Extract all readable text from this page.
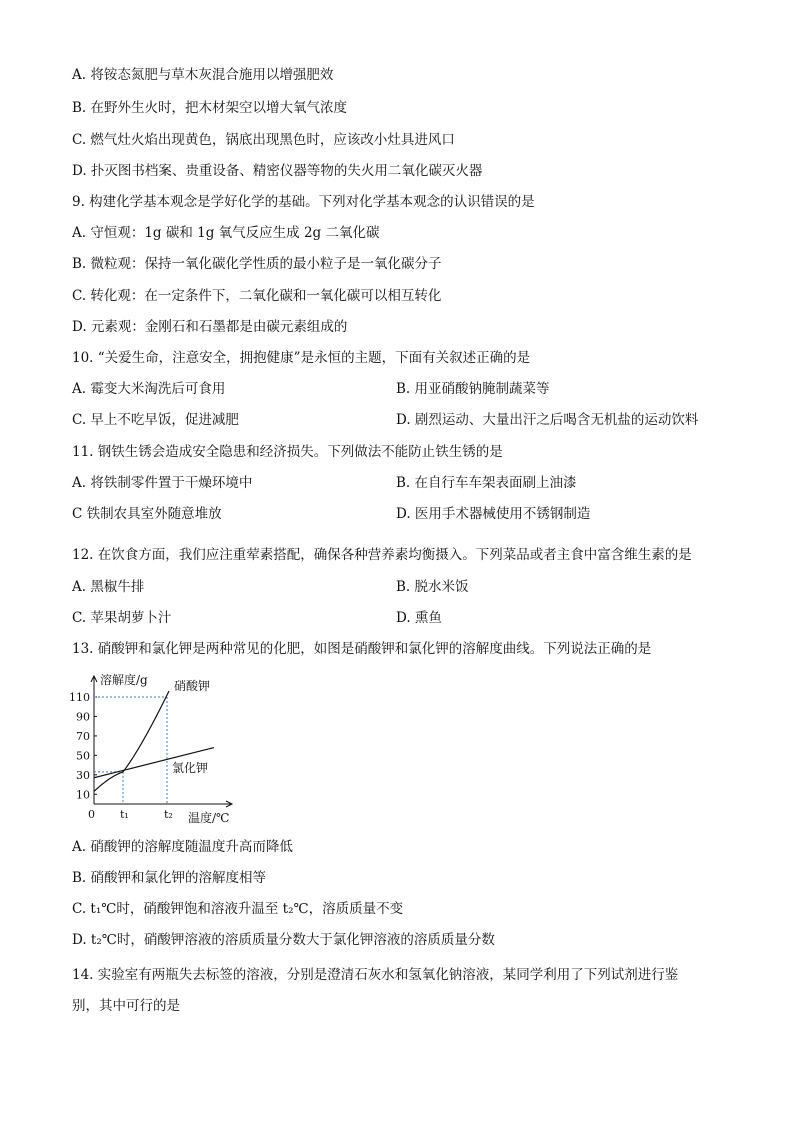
A. 将铵态氮肥与草木灰混合施用以增强肥效
B. 在野外生火时，把木材架空以增大氧气浓度
C. 燃气灶火焰出现黄色，锅底出现黑色时，应该改小灶具进风口
D. 扑灭图书档案、贵重设备、精密仪器等物的失火用二氧化碳灭火器
9. 构建化学基本观念是学好化学的基础。下列对化学基本观念的认识错误的是
A. 守恒观：1g 碳和 1g 氧气反应生成 2g 二氧化碳
B. 微粒观：保持一氧化碳化学性质的最小粒子是一氧化碳分子
C. 转化观：在一定条件下，二氧化碳和一氧化碳可以相互转化
D. 元素观：金刚石和石墨都是由碳元素组成的
10. “关爱生命，注意安全，拥抱健康”是永恒的主题，下面有关叙述正确的是
A. 霉变大米淘洗后可食用	B. 用亚硝酸钠腌制蔬菜等
C. 早上不吃早饭，促进减肥	D. 剧烈运动、大量出汗之后喝含无机盐的运动饮料
11. 钢铁生锈会造成安全隐患和经济损失。下列做法不能防止铁生锈的是
A. 将铁制零件置于干燥环境中	B. 在自行车车架表面刷上油漆
C 铁制农具室外随意堆放	D. 医用手术器械使用不锈钢制造
12. 在饮食方面，我们应注重荤素搭配，确保各种营养素均衡摄入。下列菜品或者主食中富含维生素的是
A. 黑椒牛排	B. 脱水米饭
C. 苹果胡萝卜汁	D. 熏鱼
13. 硝酸钾和氯化钾是两种常见的化肥，如图是硝酸钾和氯化钾的溶解度曲线。下列说法正确的是
溶解度/g
温度/℃
0
10
30
50
70
90
110
t₁	t₂
硝酸钾
氯化钾
A. 硝酸钾的溶解度随温度升高而降低
B. 硝酸钾和氯化钾的溶解度相等
C. t₁℃时，硝酸钾饱和溶液升温至 t₂℃，溶质质量不变
D. t₂℃时，硝酸钾溶液的溶质质量分数大于氯化钾溶液的溶质质量分数
14. 实验室有两瓶失去标签的溶液，分别是澄清石灰水和氢氧化钠溶液，某同学利用了下列试剂进行鉴
别，其中可行的是
